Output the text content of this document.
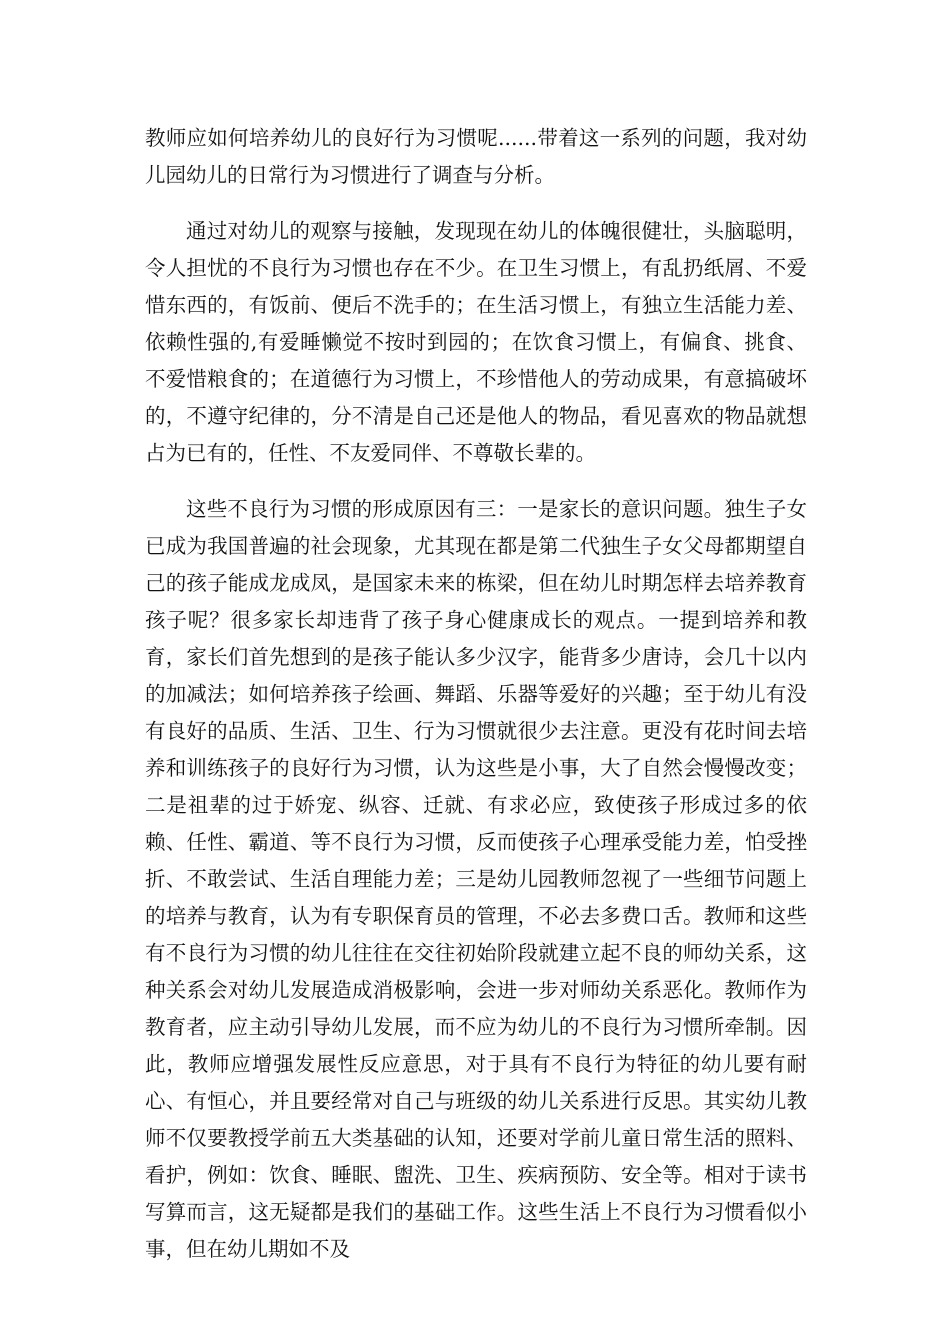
教师应如何培养幼儿的良好行为习惯呢......带着这一系列的问题，我对幼儿园幼儿的日常行为习惯进行了调查与分析。

通过对幼儿的观察与接触，发现现在幼儿的体魄很健壮，头脑聪明，令人担忧的不良行为习惯也存在不少。在卫生习惯上，有乱扔纸屑、不爱惜东西的，有饭前、便后不洗手的；在生活习惯上，有独立生活能力差、依赖性强的,有爱睡懒觉不按时到园的；在饮食习惯上，有偏食、挑食、不爱惜粮食的；在道德行为习惯上，不珍惜他人的劳动成果，有意搞破坏的，不遵守纪律的，分不清是自己还是他人的物品，看见喜欢的物品就想占为已有的，任性、不友爱同伴、不尊敬长辈的。

这些不良行为习惯的形成原因有三：一是家长的意识问题。独生子女已成为我国普遍的社会现象，尤其现在都是第二代独生子女父母都期望自己的孩子能成龙成凤，是国家未来的栋梁，但在幼儿时期怎样去培养教育孩子呢？很多家长却违背了孩子身心健康成长的观点。一提到培养和教育，家长们首先想到的是孩子能认多少汉字，能背多少唐诗，会几十以内的加减法；如何培养孩子绘画、舞蹈、乐器等爱好的兴趣；至于幼儿有没有良好的品质、生活、卫生、行为习惯就很少去注意。更没有花时间去培养和训练孩子的良好行为习惯，认为这些是小事，大了自然会慢慢改变；二是祖辈的过于娇宠、纵容、迁就、有求必应，致使孩子形成过多的依赖、任性、霸道、等不良行为习惯，反而使孩子心理承受能力差，怕受挫折、不敢尝试、生活自理能力差；三是幼儿园教师忽视了一些细节问题上的培养与教育，认为有专职保育员的管理，不必去多费口舌。教师和这些有不良行为习惯的幼儿往往在交往初始阶段就建立起不良的师幼关系，这种关系会对幼儿发展造成消极影响，会进一步对师幼关系恶化。教师作为教育者，应主动引导幼儿发展，而不应为幼儿的不良行为习惯所牵制。因此，教师应增强发展性反应意思，对于具有不良行为特征的幼儿要有耐心、有恒心，并且要经常对自己与班级的幼儿关系进行反思。其实幼儿教师不仅要教授学前五大类基础的认知，还要对学前儿童日常生活的照料、看护，例如：饮食、睡眠、盥洗、卫生、疾病预防、安全等。相对于读书写算而言，这无疑都是我们的基础工作。这些生活上不良行为习惯看似小事，但在幼儿期如不及
